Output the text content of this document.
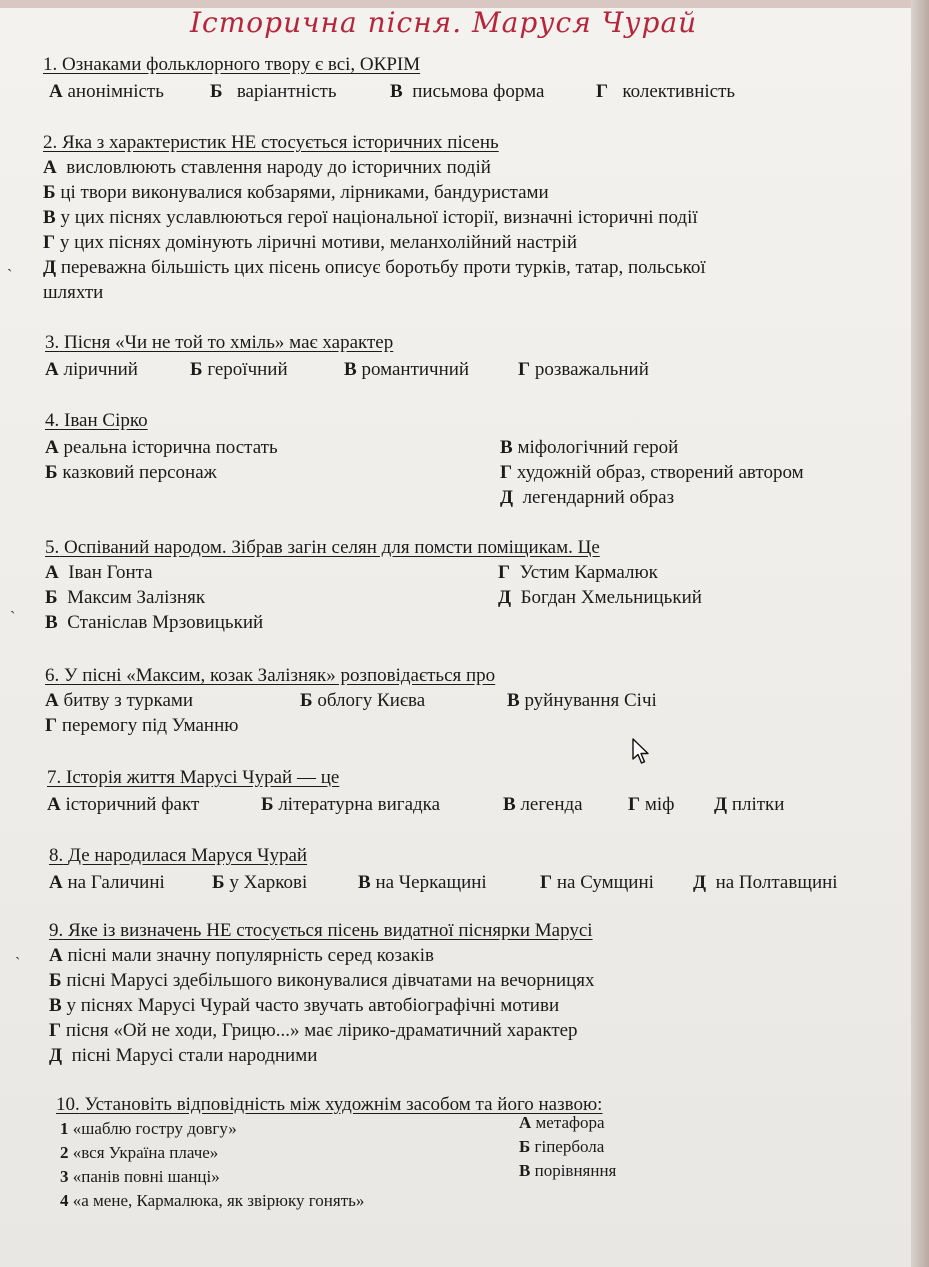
Історична пісня. Маруся Чурай
1. Ознаками фольклорного твору є всі, ОКРІМ
А анонімність Б варіантність	В письмова форма	Г колективність
2. Яка з характеристик НЕ стосується історичних пісень
А висловлюють ставлення народу до історичних подій
Б ці твори виконувалися кобзарями, лірниками, бандуристами
В у цих піснях уславлюються герої національної історії, визначні історичні події
Г у цих піснях домінують ліричні мотиви, меланхолійний настрій
Д переважна більшість цих пісень описує боротьбу проти турків, татар, польської
шляхти
3. Пісня «Чи не той то хміль» має характер
А ліричний	Б героїчний	В романтичний	Г розважальний
4. Іван Сірко
А реальна історична постать	В міфологічний герой
Б казковий персонаж	Г художній образ, створений автором
Д легендарний образ
5. Оспіваний народом. Зібрав загін селян для помсти поміщикам. Це
А Іван Гонта	Г Устим Кармалюк
Б Максим Залізняк	Д Богдан Хмельницький
В Станіслав Мрзовицький
6. У пісні «Максим, козак Залізняк» розповідається про
А битву з турками	Б облогу Києва	В руйнування Січі
Г перемогу під Уманню
7. Історія життя Марусі Чурай — це
А історичний факт	Б літературна вигадка	В легенда Г міф Д плітки
8. Де народилася Маруся Чурай
А на Галичині Б у Харкові	В на Черкащині	Г на Сумщині Д на Полтавщині
9. Яке із визначень НЕ стосується пісень видатної піснярки Марусі
А пісні мали значну популярність серед козаків
Б пісні Марусі здебільшого виконувалися дівчатами на вечорницях
В у піснях Марусі Чурай часто звучать автобіографічні мотиви
Г пісня «Ой не ходи, Грицю...» має лірико-драматичний характер
Д пісні Марусі стали народними
10. Установіть відповідність між художнім засобом та його назвою:
1 «шаблю гостру довгу»	А метафора
2 «вся Україна плаче»	Б гіпербола
3 «панів повні шанці»	В порівняння
4 «а мене, Кармалюка, як звірюку гонять»
ˏ
ˏ
ˏ
